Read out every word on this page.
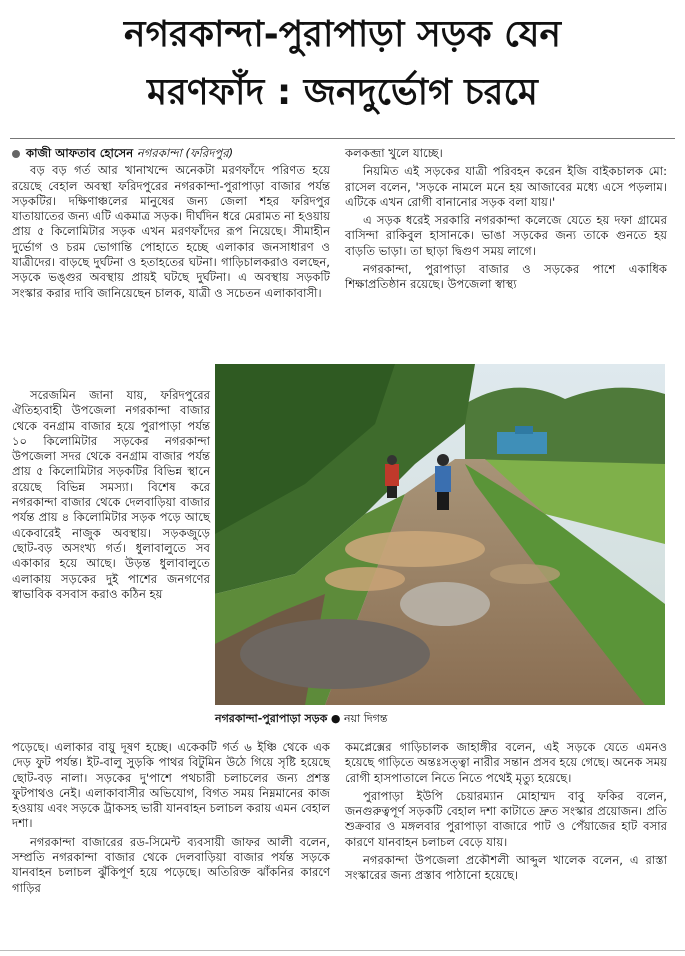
নগরকান্দা-পুরাপাড়া সড়ক যেন
মরণফাঁদ : জনদুর্ভোগ চরমে
কাজী আফতাব হোসেন নগরকান্দা (ফরিদপুর)

বড় বড় গর্ত আর খানাখন্দে অনেকটা মরণফাঁদে পরিণত হয়ে রয়েছে বেহাল অবস্থা ফরিদপুরের নগরকান্দা-পুরাপাড়া বাজার পর্যন্ত সড়কটির। দক্ষিণাঞ্চলের মানুষের জন্য জেলা শহর ফরিদপুর যাতায়াতের জন্য এটি একমাত্র সড়ক। দীর্ঘদিন ধরে মেরামত না হওয়ায় প্রায় ৫ কিলোমিটার সড়ক এখন মরণফাঁদের রূপ নিয়েছে। সীমাহীন দুর্ভোগ ও চরম ভোগান্তি পোহাতে হচ্ছে এলাকার জনসাধারণ ও যাত্রীদের। বাড়ছে দুর্ঘটনা ও হতাহতের ঘটনা। গাড়িচালকরাও বলছেন, সড়কে ভঙ্গুর অবস্থায় প্রায়ই ঘটছে দুর্ঘটনা। এ অবস্থায় সড়কটি সংস্কার করার দাবি জানিয়েছেন চালক, যাত্রী ও সচেতন এলাকাবাসী।

সরেজমিন জানা যায়, ফরিদপুরের ঐতিহ্যবাহী উপজেলা নগরকান্দা বাজার থেকে বনগ্রাম বাজার হয়ে পুরাপাড়া পর্যন্ত ১০ কিলোমিটার সড়কের নগরকান্দা উপজেলা সদর থেকে বনগ্রাম বাজার পর্যন্ত প্রায় ৫ কিলোমিটার সড়কটির বিভিন্ন স্থানে রয়েছে বিভিন্ন সমস্যা। বিশেষ করে নগরকান্দা বাজার থেকে দেলবাড়িয়া বাজার পর্যন্ত প্রায় ৪ কিলোমিটার সড়ক পড়ে আছে একেবারেই নাজুক অবস্থায়। সড়কজুড়ে ছোট-বড় অসংখ্য গর্ত। ধুলাবালুতে সব একাকার হয়ে আছে। উড়ন্ত ধুলাবালুতে এলাকায় সড়কের দুই পাশের জনগণের স্বাভাবিক বসবাস করাও কঠিন হয়

কলকব্জা খুলে যাচ্ছে।

নিয়মিত এই সড়কের যাত্রী পরিবহন করেন ইজি বাইকচালক মো: রাসেল বলেন, 'সড়কে নামলে মনে হয় আজাবের মধ্যে এসে পড়লাম। এটিকে এখন রোগী বানানোর সড়ক বলা যায়।'

এ সড়ক ধরেই সরকারি নগরকান্দা কলেজে যেতে হয় দফা গ্রামের বাসিন্দা রাকিবুল হাসানকে। ভাঙা সড়কের জন্য তাকে গুনতে হয় বাড়তি ভাড়া। তা ছাড়া দ্বিগুণ সময় লাগে।

নগরকান্দা, পুরাপাড়া বাজার ও সড়কের পাশে একাধিক শিক্ষাপ্রতিষ্ঠান রয়েছে। উপজেলা স্বাস্থ্য

নগরকান্দা-পুরাপাড়া সড়ক ● নয়া দিগন্ত

পড়েছে। এলাকার বায়ু দূষণ হচ্ছে। একেকটি গর্ত ৬ ইঞ্চি থেকে এক দেড় ফুট পর্যন্ত। ইট-বালু সুড়কি পাথর বিটুমিন উঠে গিয়ে সৃষ্টি হয়েছে ছোট-বড় নালা। সড়কের দু'পাশে পথচারী চলাচলের জন্য প্রশস্ত ফুটপাথও নেই। এলাকাবাসীর অভিযোগ, বিগত সময় নিম্নমানের কাজ হওয়ায় এবং সড়কে ট্রাকসহ ভারী যানবাহন চলাচল করায় এমন বেহাল দশা।

নগরকান্দা বাজারের রড-সিমেন্ট ব্যবসায়ী জাফর আলী বলেন, সম্প্রতি নগরকান্দা বাজার থেকে দেলবাড়িয়া বাজার পর্যন্ত সড়কে যানবাহন চলাচল ঝুঁকিপূর্ণ হয়ে পড়েছে। অতিরিক্ত ঝাঁকনির কারণে গাড়ির

কমপ্লেক্সের গাড়িচালক জাহাঙ্গীর বলেন, এই সড়কে যেতে এমনও হয়েছে গাড়িতে অন্তঃসত্ত্বা নারীর সন্তান প্রসব হয়ে গেছে। অনেক সময় রোগী হাসপাতালে নিতে নিতে পথেই মৃত্যু হয়েছে।

পুরাপাড়া ইউপি চেয়ারম্যান মোহাম্মদ বাবু ফকির বলেন, জনগুরুত্বপূর্ণ সড়কটি বেহাল দশা কাটাতে দ্রুত সংস্কার প্রয়োজন। প্রতি শুক্রবার ও মঙ্গলবার পুরাপাড়া বাজারে পাট ও পেঁয়াজের হাট বসার কারণে যানবাহন চলাচল বেড়ে যায়।

নগরকান্দা উপজেলা প্রকৌশলী আব্দুল খালেক বলেন, এ রাস্তা সংস্কারের জন্য প্রস্তাব পাঠানো হয়েছে।
